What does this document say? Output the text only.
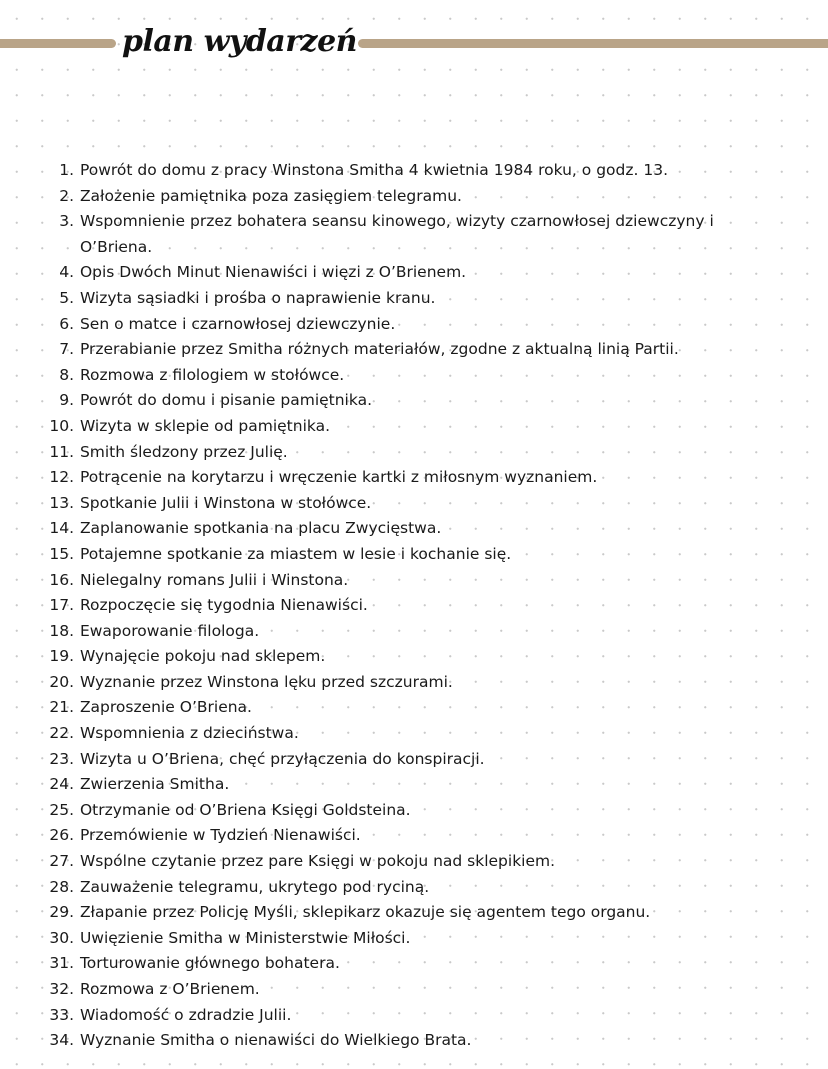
plan wydarzeń
1.
Powrót do domu z pracy Winstona Smitha 4 kwietnia 1984 roku, o godz. 13.
2.
Założenie pamiętnika poza zasięgiem telegramu.
3.
Wspomnienie przez bohatera seansu kinowego, wizyty czarnowłosej dziewczyny i O’Briena.
4.
Opis Dwóch Minut Nienawiści i więzi z O’Brienem.
5.
Wizyta sąsiadki i prośba o naprawienie kranu.
6.
Sen o matce i czarnowłosej dziewczynie.
7.
Przerabianie przez Smitha różnych materiałów, zgodne z aktualną linią Partii.
8.
Rozmowa z filologiem w stołówce.
9.
Powrót do domu i pisanie pamiętnika.
10.
Wizyta w sklepie od pamiętnika.
11.
Smith śledzony przez Julię.
12.
Potrącenie na korytarzu i wręczenie kartki z miłosnym wyznaniem.
13.
Spotkanie Julii i Winstona w stołówce.
14.
Zaplanowanie spotkania na placu Zwycięstwa.
15.
Potajemne spotkanie za miastem w lesie i kochanie się.
16.
Nielegalny romans Julii i Winstona.
17.
Rozpoczęcie się tygodnia Nienawiści.
18.
Ewaporowanie filologa.
19.
Wynajęcie pokoju nad sklepem.
20.
Wyznanie przez Winstona lęku przed szczurami.
21.
Zaproszenie O’Briena.
22.
Wspomnienia z dzieciństwa.
23.
Wizyta u O’Briena, chęć przyłączenia do konspiracji.
24.
Zwierzenia Smitha.
25.
Otrzymanie od O’Briena Księgi Goldsteina.
26.
Przemówienie w Tydzień Nienawiści.
27.
Wspólne czytanie przez pare Księgi w pokoju nad sklepikiem.
28.
Zauważenie telegramu, ukrytego pod ryciną.
29.
Złapanie przez Policję Myśli, sklepikarz okazuje się agentem tego organu.
30.
Uwięzienie Smitha w Ministerstwie Miłości.
31.
Torturowanie głównego bohatera.
32.
Rozmowa z O’Brienem.
33.
Wiadomość o zdradzie Julii.
34.
Wyznanie Smitha o nienawiści do Wielkiego Brata.
